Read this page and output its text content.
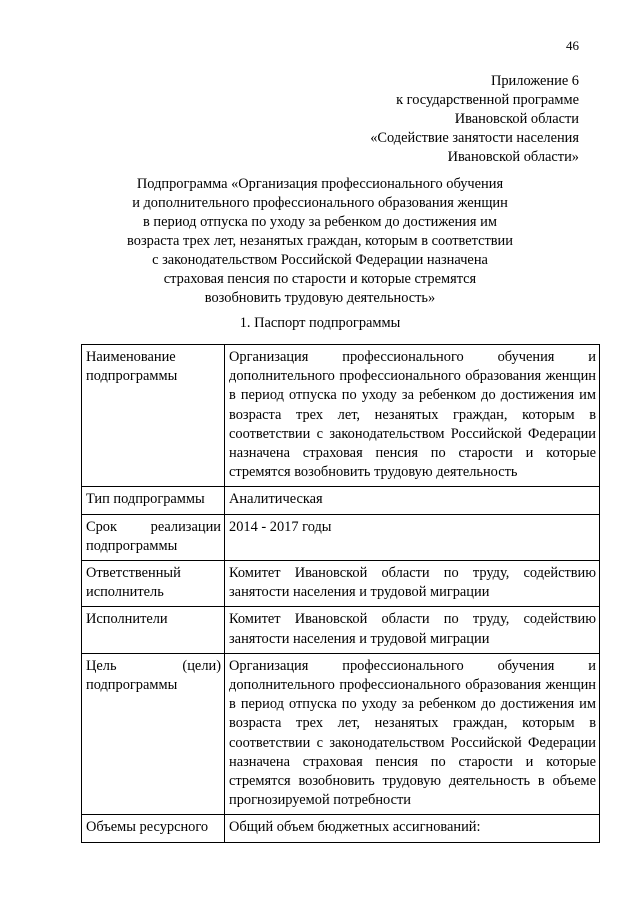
46
Приложение 6
к государственной программе
Ивановской области
«Содействие занятости населения
Ивановской области»
Подпрограмма «Организация профессионального обучения
и дополнительного профессионального образования женщин
в период отпуска по уходу за ребенком до достижения им
возраста трех лет, незанятых граждан, которым в соответствии
с законодательством Российской Федерации назначена
страховая пенсия по старости и которые стремятся
возобновить трудовую деятельность»
1. Паспорт подпрограммы
Наименование подпрограммы	Организация профессионального обучения и дополнительного профессионального образования женщин в период отпуска по уходу за ребенком до достижения им возраста трех лет, незанятых граждан, которым в соответствии с законодательством Российской Федерации назначена страховая пенсия по старости и которые стремятся возобновить трудовую деятельность
Тип подпрограммы	Аналитическая
Срок реализации подпрограммы	2014 - 2017 годы
Ответственный исполнитель	Комитет Ивановской области по труду, содействию занятости населения и трудовой миграции
Исполнители	Комитет Ивановской области по труду, содействию занятости населения и трудовой миграции
Цель (цели) подпрограммы	Организация профессионального обучения и дополнительного профессионального образования женщин в период отпуска по уходу за ребенком до достижения им возраста трех лет, незанятых граждан, которым в соответствии с законодательством Российской Федерации назначена страховая пенсия по старости и которые стремятся возобновить трудовую деятельность в объеме прогнозируемой потребности
Объемы ресурсного	Общий объем бюджетных ассигнований:
